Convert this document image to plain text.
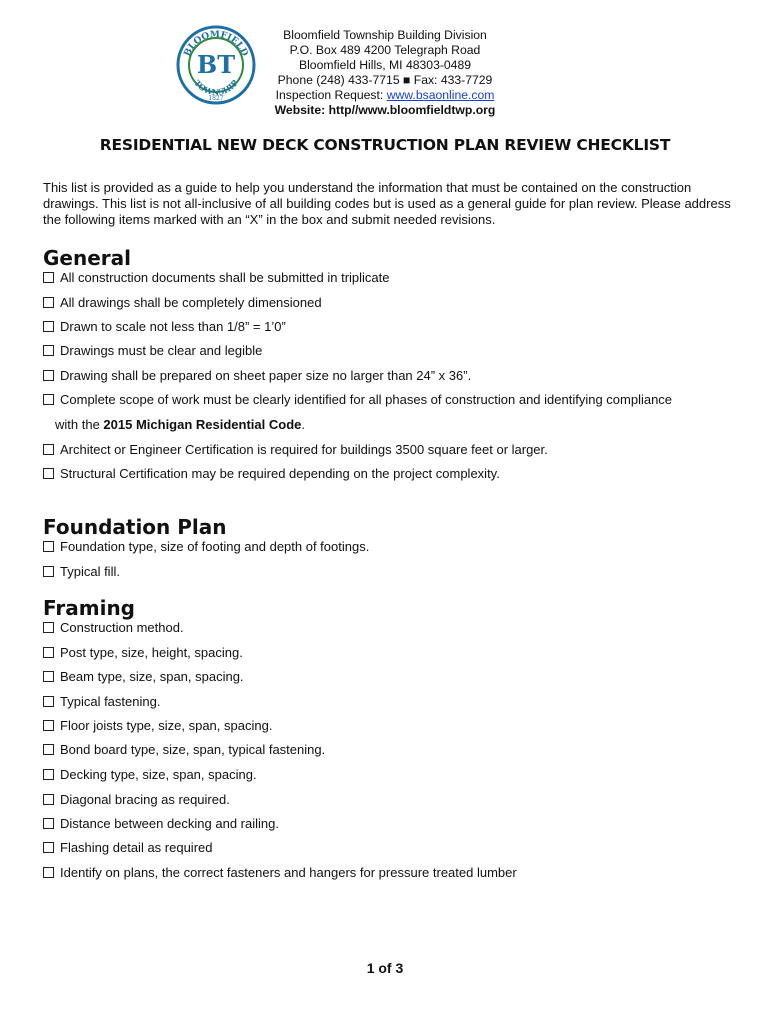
BLOOMFIELD
TOWNSHIP
BT
1827
Bloomfield Township Building Division
P.O. Box 489 4200 Telegraph Road
Bloomfield Hills, MI 48303-0489
Phone (248) 433-7715 ■ Fax: 433-7729
Inspection Request: www.bsaonline.com
Website: http//www.bloomfieldtwp.org
RESIDENTIAL NEW DECK CONSTRUCTION PLAN REVIEW CHECKLIST
This list is provided as a guide to help you understand the information that must be contained on the construction drawings. This list is not all-inclusive of all building codes but is used as a general guide for plan review. Please address the following items marked with an “X” in the box and submit needed revisions.
General
All construction documents shall be submitted in triplicate
All drawings shall be completely dimensioned
Drawn to scale not less than 1/8” = 1’0”
Drawings must be clear and legible
Drawing shall be prepared on sheet paper size no larger than 24” x 36”.
Complete scope of work must be clearly identified for all phases of construction and identifying compliance
with the 2015 Michigan Residential Code.
Architect or Engineer Certification is required for buildings 3500 square feet or larger.
Structural Certification may be required depending on the project complexity.
Foundation Plan
Foundation type, size of footing and depth of footings.
Typical fill.
Framing
Construction method.
Post type, size, height, spacing.
Beam type, size, span, spacing.
Typical fastening.
Floor joists type, size, span, spacing.
Bond board type, size, span, typical fastening.
Decking type, size, span, spacing.
Diagonal bracing as required.
Distance between decking and railing.
Flashing detail as required
Identify on plans, the correct fasteners and hangers for pressure treated lumber
1 of 3
